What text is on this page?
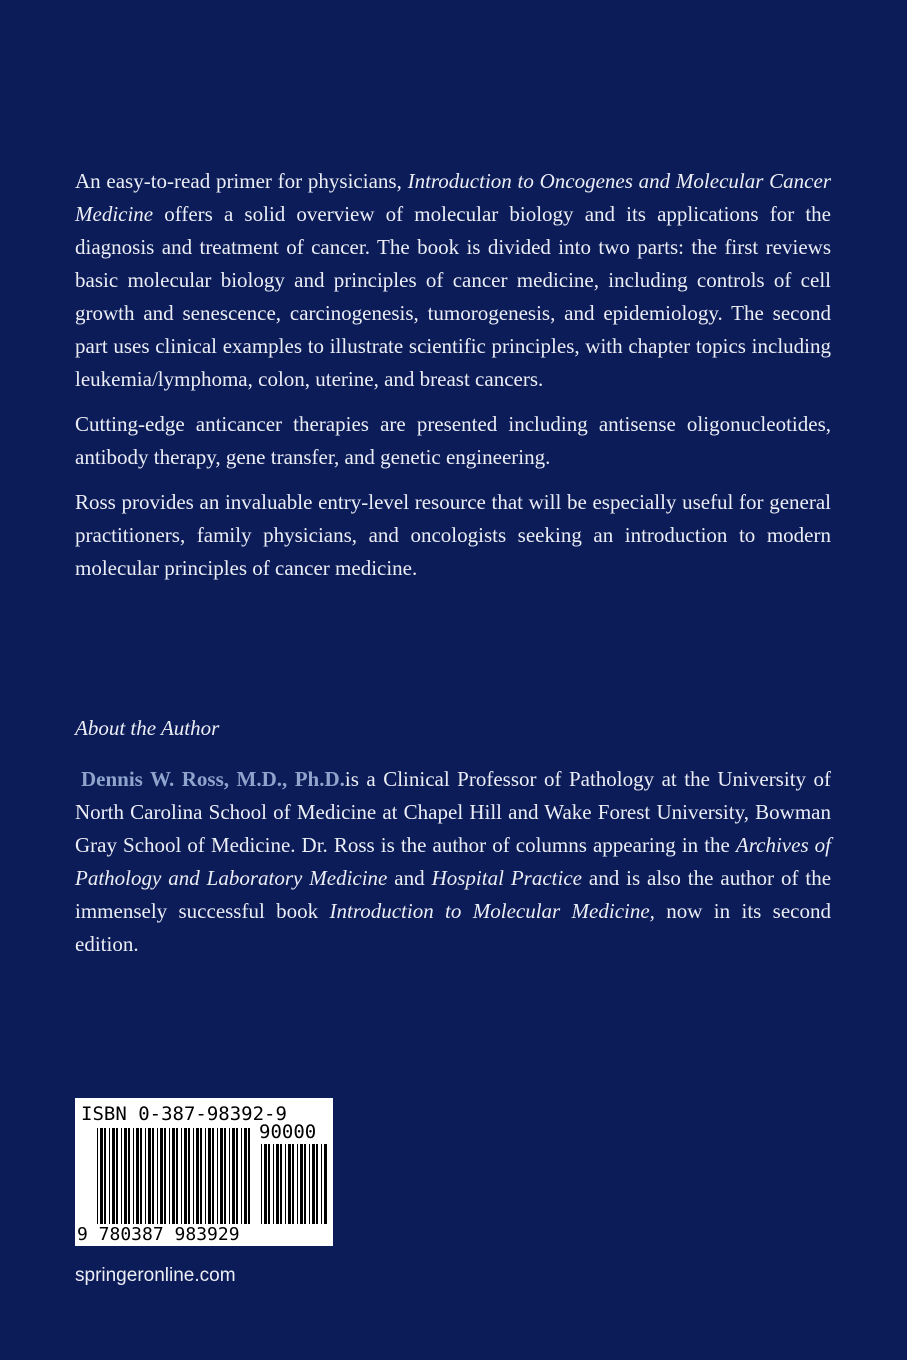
An easy-to-read primer for physicians, Introduction to Oncogenes and Molecular Cancer Medicine offers a solid overview of molecular biology and its applications for the diagnosis and treatment of cancer. The book is divided into two parts: the first reviews basic molecular biology and principles of cancer medicine, including controls of cell growth and senescence, carcinogenesis, tumorogenesis, and epidemiology. The second part uses clinical examples to illustrate scientific principles, with chapter topics including leukemia/lymphoma, colon, uterine, and breast cancers.

Cutting-edge anticancer therapies are presented including antisense oligonucleotides, antibody therapy, gene transfer, and genetic engineering.

Ross provides an invaluable entry-level resource that will be especially useful for general practitioners, family physicians, and oncologists seeking an introduction to modern molecular principles of cancer medicine.

About the Author

Dennis W. Ross, M.D., Ph.D.is a Clinical Professor of Pathology at the University of North Carolina School of Medicine at Chapel Hill and Wake Forest University, Bowman Gray School of Medicine. Dr. Ross is the author of columns appearing in the Archives of Pathology and Laboratory Medicine and Hospital Practice and is also the author of the immensely successful book Introduction to Molecular Medicine, now in its second edition.

ISBN 0-387-98392-9
90000
9 780387 983929

springeronline.com
